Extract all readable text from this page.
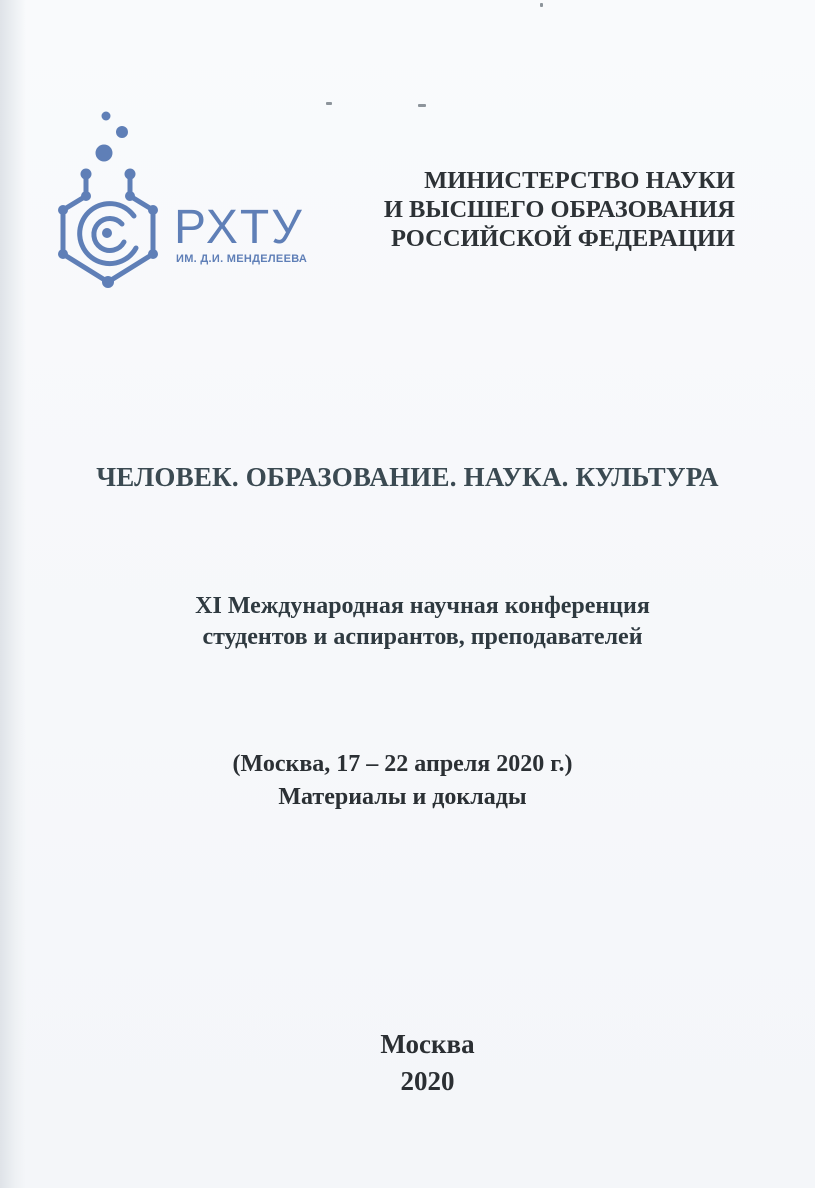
РХТУ
ИМ. Д.И. МЕНДЕЛЕЕВА
МИНИСТЕРСТВО НАУКИ
И ВЫСШЕГО ОБРАЗОВАНИЯ
РОССИЙСКОЙ ФЕДЕРАЦИИ
ЧЕЛОВЕК. ОБРАЗОВАНИЕ. НАУКА. КУЛЬТУРА
XI Международная научная конференция
студентов и аспирантов, преподавателей
(Москва, 17 – 22 апреля 2020 г.)
Материалы и доклады
Москва
2020
